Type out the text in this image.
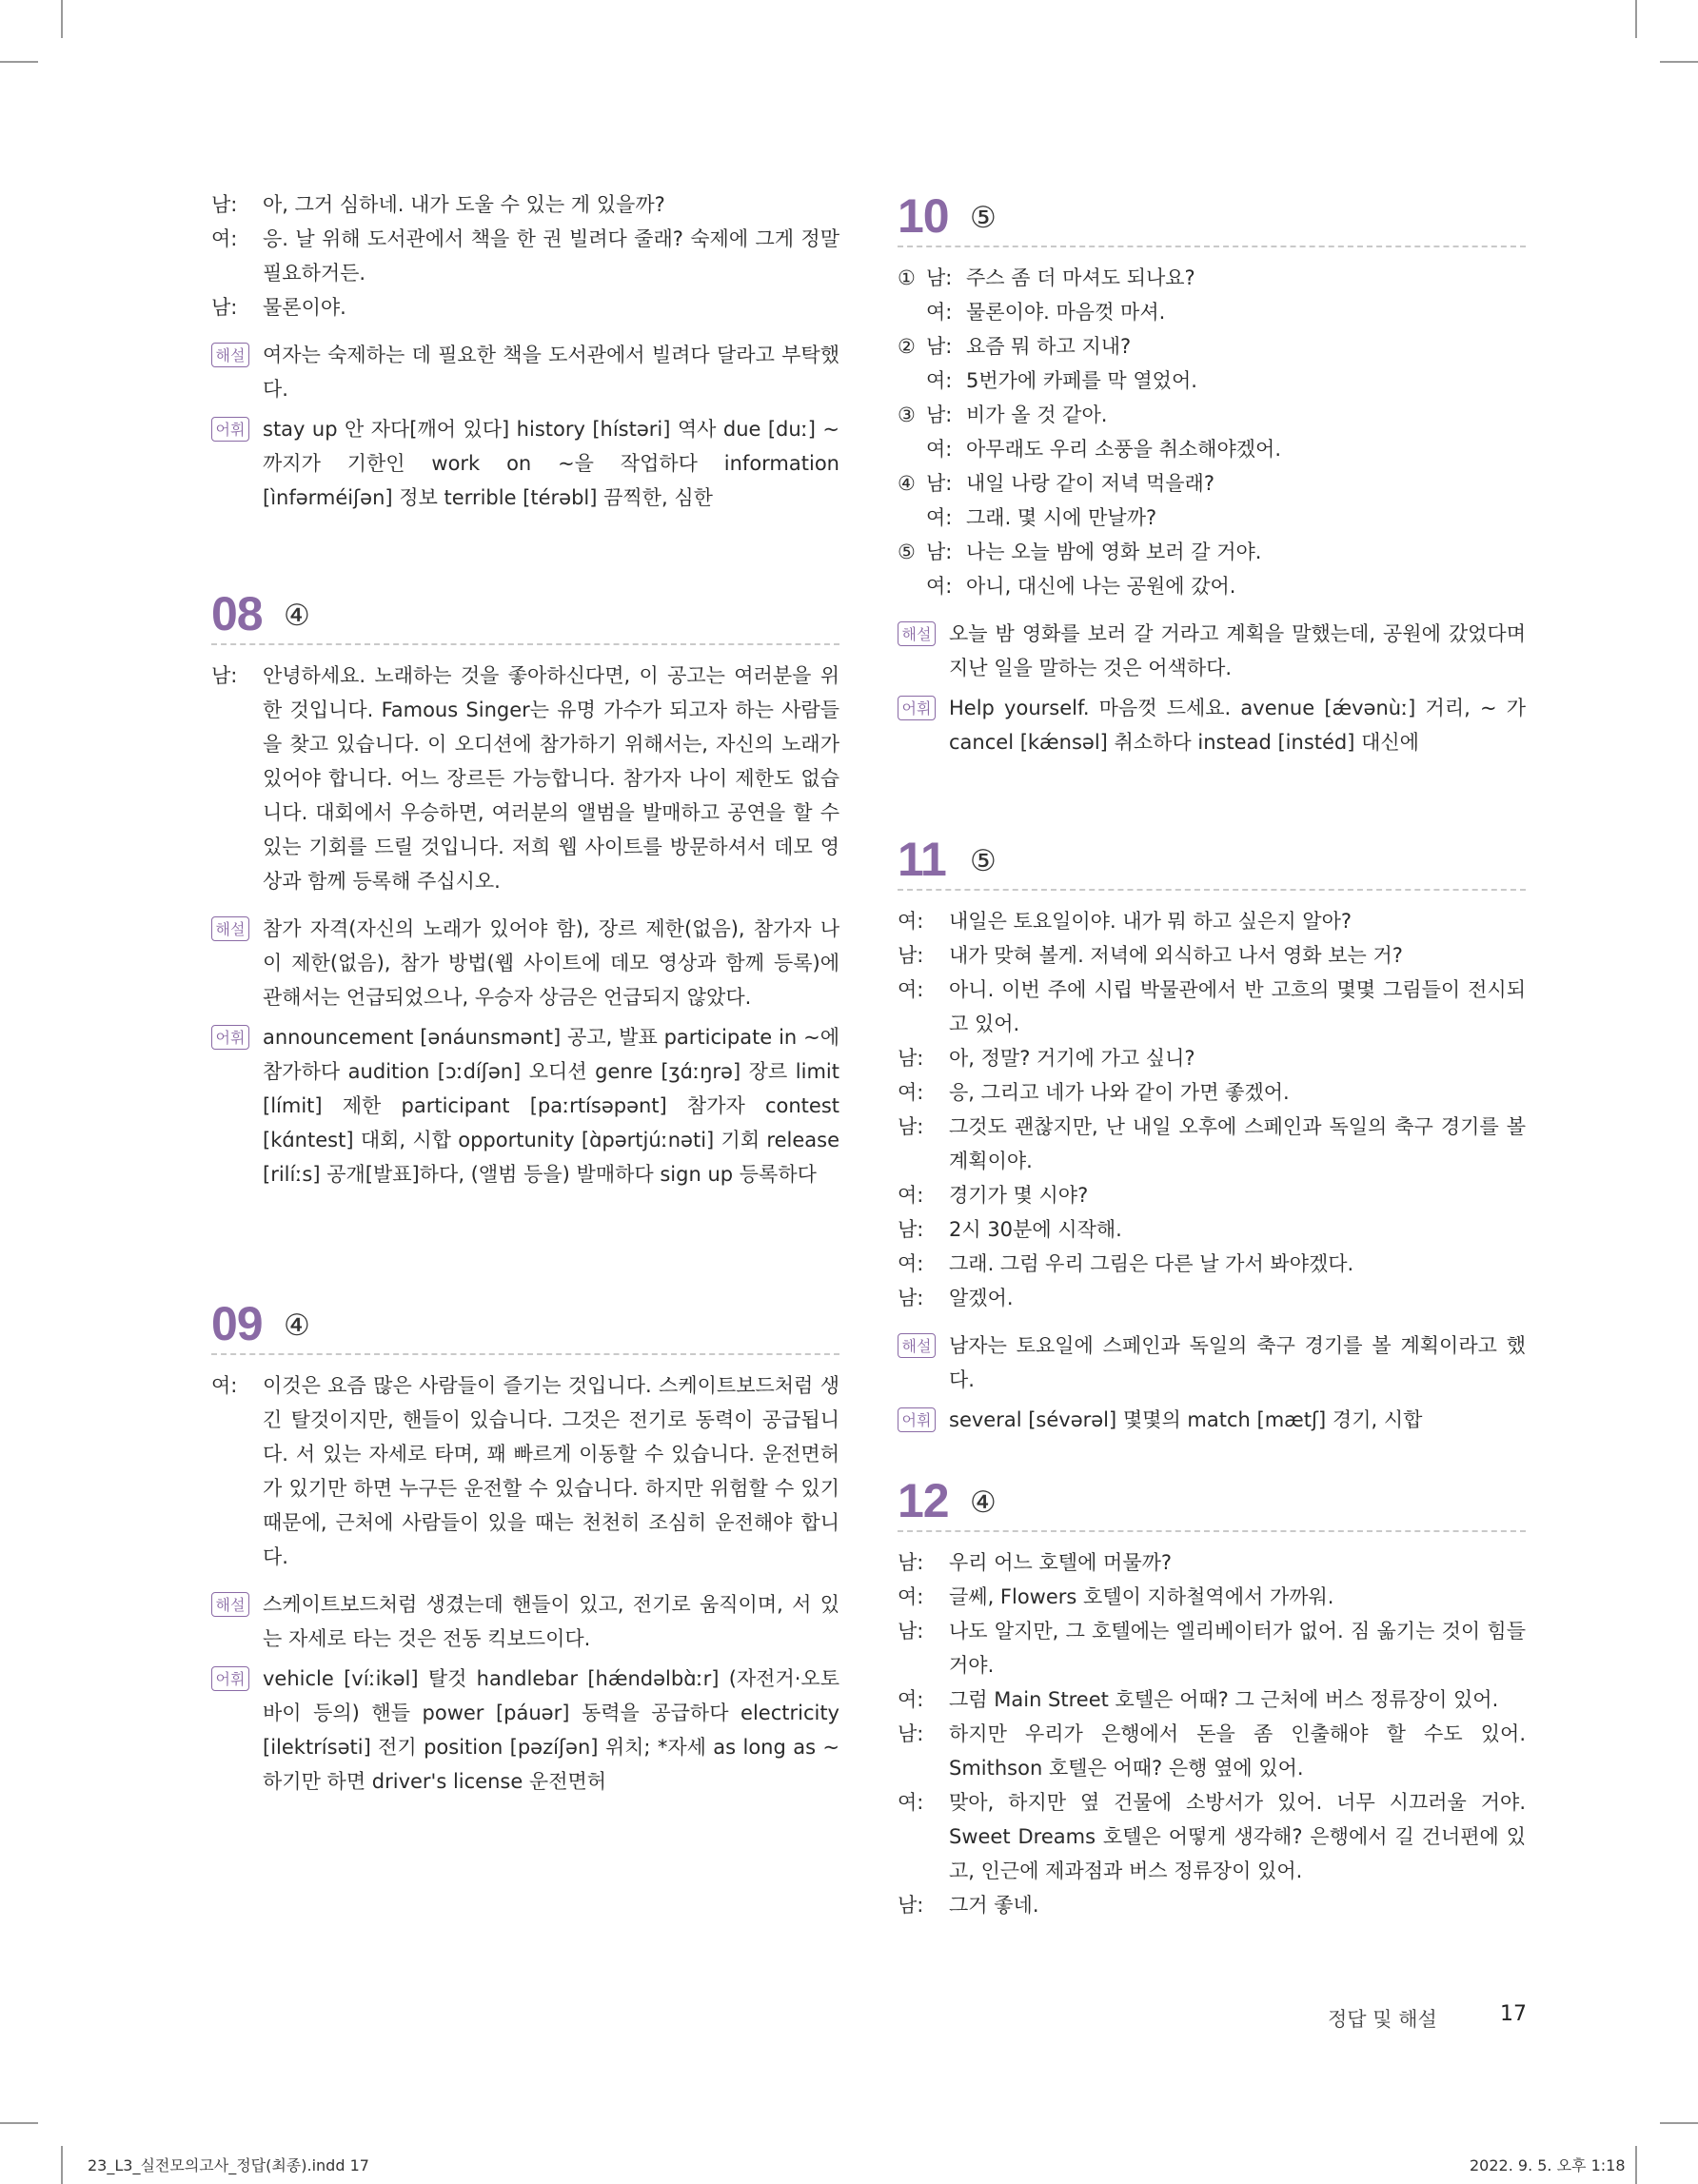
남:	아, 그거 심하네. 내가 도울 수 있는 게 있을까?
여:	응. 날 위해 도서관에서 책을 한 권 빌려다 줄래? 숙제에 그게 정말 필요하거든.
남:	물론이야.
해설 여자는 숙제하는 데 필요한 책을 도서관에서 빌려다 달라고 부탁했다.
어휘 stay up 안 자다[깨어 있다] history [hístəri] 역사 due [duː] ~까지가 기한인 work on ~을 작업하다 information [ìnfərméiʃən] 정보 terrible [térəbl] 끔찍한, 심한
08 ④
남:	안녕하세요. 노래하는 것을 좋아하신다면, 이 공고는 여러분을 위한 것입니다. Famous Singer는 유명 가수가 되고자 하는 사람들을 찾고 있습니다. 이 오디션에 참가하기 위해서는, 자신의 노래가 있어야 합니다. 어느 장르든 가능합니다. 참가자 나이 제한도 없습니다. 대회에서 우승하면, 여러분의 앨범을 발매하고 공연을 할 수 있는 기회를 드릴 것입니다. 저희 웹 사이트를 방문하셔서 데모 영상과 함께 등록해 주십시오.
해설 참가 자격(자신의 노래가 있어야 함), 장르 제한(없음), 참가자 나이 제한(없음), 참가 방법(웹 사이트에 데모 영상과 함께 등록)에 관해서는 언급되었으나, 우승자 상금은 언급되지 않았다.
어휘 announcement [ənáunsmənt] 공고, 발표 participate in ~에 참가하다 audition [ɔːdíʃən] 오디션 genre [ʒɑ́ːŋrə] 장르 limit [límit] 제한 participant [paːrtísəpənt] 참가자 contest [kɑ́ntest] 대회, 시합 opportunity [ɑ̀pərtjúːnəti] 기회 release [rilíːs] 공개[발표]하다, (앨범 등을) 발매하다 sign up 등록하다
09 ④
여:	이것은 요즘 많은 사람들이 즐기는 것입니다. 스케이트보드처럼 생긴 탈것이지만, 핸들이 있습니다. 그것은 전기로 동력이 공급됩니다. 서 있는 자세로 타며, 꽤 빠르게 이동할 수 있습니다. 운전면허가 있기만 하면 누구든 운전할 수 있습니다. 하지만 위험할 수 있기 때문에, 근처에 사람들이 있을 때는 천천히 조심히 운전해야 합니다.
해설 스케이트보드처럼 생겼는데 핸들이 있고, 전기로 움직이며, 서 있는 자세로 타는 것은 전동 킥보드이다.
어휘 vehicle [víːikəl] 탈것 handlebar [hǽndəlbɑ̀ːr] (자전거·오토바이 등의) 핸들 power [páuər] 동력을 공급하다 electricity [ilektrísəti] 전기 position [pəzíʃən] 위치; *자세 as long as ~하기만 하면 driver's license 운전면허
10 ⑤
① 남: 주스 좀 더 마셔도 되나요?
여: 물론이야. 마음껏 마셔.
② 남: 요즘 뭐 하고 지내?
여: 5번가에 카페를 막 열었어.
③ 남: 비가 올 것 같아.
여: 아무래도 우리 소풍을 취소해야겠어.
④ 남: 내일 나랑 같이 저녁 먹을래?
여: 그래. 몇 시에 만날까?
⑤ 남: 나는 오늘 밤에 영화 보러 갈 거야.
여: 아니, 대신에 나는 공원에 갔어.
해설 오늘 밤 영화를 보러 갈 거라고 계획을 말했는데, 공원에 갔었다며 지난 일을 말하는 것은 어색하다.
어휘 Help yourself. 마음껏 드세요. avenue [ǽvənùː] 거리, ~ 가 cancel [kǽnsəl] 취소하다 instead [instéd] 대신에
11 ⑤
여:	내일은 토요일이야. 내가 뭐 하고 싶은지 알아?
남:	내가 맞혀 볼게. 저녁에 외식하고 나서 영화 보는 거?
여:	아니. 이번 주에 시립 박물관에서 반 고흐의 몇몇 그림들이 전시되고 있어.
남:	아, 정말? 거기에 가고 싶니?
여:	응, 그리고 네가 나와 같이 가면 좋겠어.
남:	그것도 괜찮지만, 난 내일 오후에 스페인과 독일의 축구 경기를 볼 계획이야.
여:	경기가 몇 시야?
남:	2시 30분에 시작해.
여:	그래. 그럼 우리 그림은 다른 날 가서 봐야겠다.
남:	알겠어.
해설 남자는 토요일에 스페인과 독일의 축구 경기를 볼 계획이라고 했다.
어휘 several [sévərəl] 몇몇의 match [mætʃ] 경기, 시합
12 ④
남:	우리 어느 호텔에 머물까?
여:	글쎄, Flowers 호텔이 지하철역에서 가까워.
남:	나도 알지만, 그 호텔에는 엘리베이터가 없어. 짐 옮기는 것이 힘들 거야.
여:	그럼 Main Street 호텔은 어때? 그 근처에 버스 정류장이 있어.
남:	하지만 우리가 은행에서 돈을 좀 인출해야 할 수도 있어. Smithson 호텔은 어때? 은행 옆에 있어.
여:	맞아, 하지만 옆 건물에 소방서가 있어. 너무 시끄러울 거야. Sweet Dreams 호텔은 어떻게 생각해? 은행에서 길 건너편에 있고, 인근에 제과점과 버스 정류장이 있어.
남:	그거 좋네.
정답 및 해설	17
23_L3_실전모의고사_정답(최종).indd 17	2022. 9. 5. 오후 1:18
